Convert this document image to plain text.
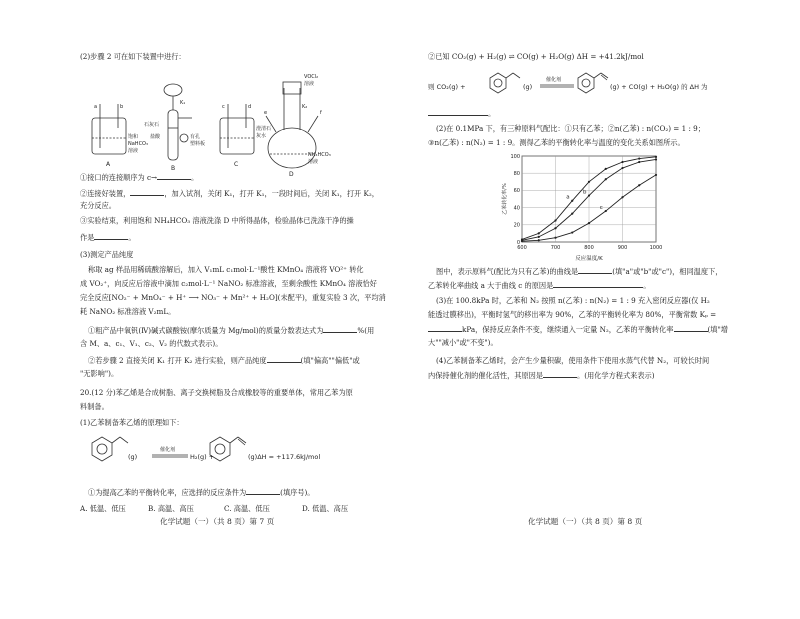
(2)步骤 2 可在如下装置中进行：
A
B
C
D
饱和
NaHCO₃
溶液
石灰石
盐酸	有孔
塑料板
K₁
澄清石
灰水
VOCl₂
溶液
K₂
NH₄HCO₃
溶液
a	b	c	d
e	f
①接口的连接顺序为 c→	。
②连接好装置，	，加入试剂，关闭 K₁，打开 K₁，一段时间后，关闭 K₁，打开 K₂，
充分反应。
③实验结束，利用饱和 NH₄HCO₃ 溶液洗涤 D 中所得晶体，检验晶体已洗涤干净的操
作是	。
(3)测定产品纯度
称取 ag 样品用稀硫酸溶解后，加入 V₁mL c₁mol·L⁻¹酸性 KMnO₄ 溶液将 VO²⁺ 转化
成 VO₂⁺，向反应后溶液中滴加 c₂mol·L⁻¹ NaNO₂ 标准溶液，至剩余酸性 KMnO₄ 溶液恰好
完全反应[NO₂⁻ + MnO₄⁻ + H⁺ ⟶ NO₃⁻ + Mn²⁺ + H₂O](未配平)，重复实验 3 次，平均消
耗 NaNO₂ 标准溶液 V₂mL。
①粗产品中氧钒(Ⅳ)碱式碳酸铵(摩尔质量为 Mg/mol)的质量分数表达式为	%(用
含 M、a、c₁、V₁、c₂、V₂ 的代数式表示)。
②若步骤 2 直接关闭 K₁ 打开 K₂ 进行实验，则产品纯度	(填"偏高""偏低"或
"无影响")。
20.(12 分)苯乙烯是合成树脂、离子交换树脂及合成橡胶等的重要单体，常用乙苯为原
料制备。
(1)乙苯制备苯乙烯的原理如下：
(g)
催化剂
H₂(g) +	(g)ΔH = +117.6kJ/mol
①为提高乙苯的平衡转化率，应选择的反应条件为	(填序号)。
A. 低温、低压	B. 高温、高压	C. 高温、低压	D. 低温、高压
化学试题（一）（共 8 页）第 7 页
②已知 CO₂(g) + H₂(g) ⇌ CO(g) + H₂O(g) ΔH = +41.2kJ/mol
则 CO₂(g) +	(g)
催化剂
(g) + CO(g) + H₂O(g) 的 ΔH 为
。
(2)在 0.1MPa 下，有三种原料气配比：①只有乙苯；②n(乙苯) : n(CO₂) = 1 : 9；
③n(乙苯) : n(N₂) = 1 : 9。测得乙苯的平衡转化率与温度的变化关系如图所示。
a
b
c
600	700	800	900	1000
0
20
40
60
80
100
反应温度/K
乙苯转化率/%
图中，表示原料气(配比为只有乙苯)的曲线是	(填"a"或"b"或"c")，相同温度下，
乙苯转化率曲线 a 大于曲线 c 的原因是	。
(3)在 100.8kPa 时，乙苯和 N₂ 按照 n(乙苯) : n(N₂) = 1 : 9 充入密闭反应器(仅 H₂
能透过膜移出)，平衡时氢气的移出率为 90%，乙苯的平衡转化率为 80%，平衡常数 Kₚ =
kPa，保持反应条件不变，继续通入一定量 N₂，乙苯的平衡转化率	(填"增
大""减小"或"不变")。
(4)乙苯制备苯乙烯时，会产生少量积碳，使用条件下使用水蒸气代替 N₂，可较长时间
内保持催化剂的催化活性，其原因是	。(用化学方程式来表示)
化学试题（一）（共 8 页）第 8 页
